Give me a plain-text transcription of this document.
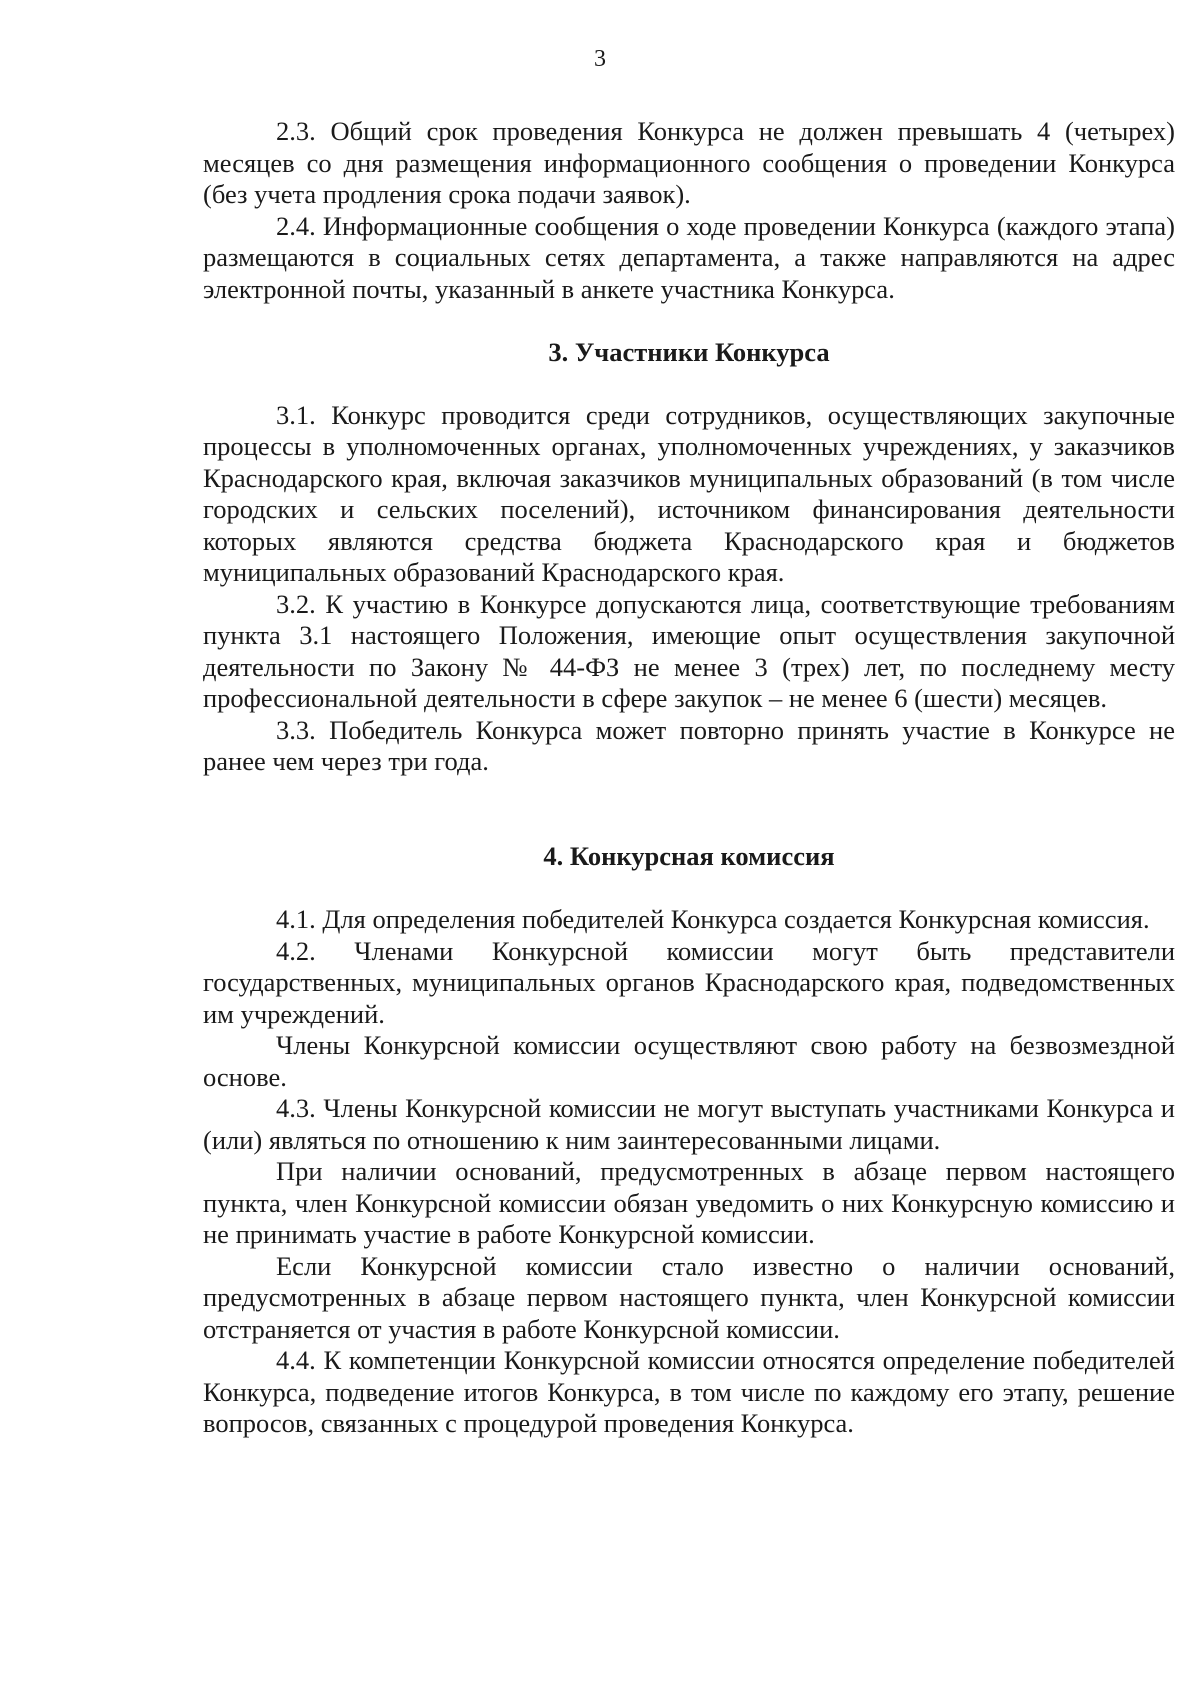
3

2.3. Общий срок проведения Конкурса не должен превышать 4 (четырех) месяцев со дня размещения информационного сообщения о проведении Конкурса (без учета продления срока подачи заявок).

2.4. Информационные сообщения о ходе проведении Конкурса (каждого этапа) размещаются в социальных сетях департамента, а также направляются на адрес электронной почты, указанный в анкете участника Конкурса.

3. Участники Конкурса

3.1. Конкурс проводится среди сотрудников, осуществляющих закупочные процессы в уполномоченных органах, уполномоченных учреждениях, у заказчиков Краснодарского края, включая заказчиков муниципальных образований (в том числе городских и сельских поселений), источником финансирования деятельности которых являются средства бюджета Краснодарского края и бюджетов муниципальных образований Краснодарского края.

3.2. К участию в Конкурсе допускаются лица, соответствующие требованиям пункта 3.1 настоящего Положения, имеющие опыт осуществления закупочной деятельности по Закону № 44-ФЗ не менее 3 (трех) лет, по последнему месту профессиональной деятельности в сфере закупок – не менее 6 (шести) месяцев.

3.3. Победитель Конкурса может повторно принять участие в Конкурсе не ранее чем через три года.

4. Конкурсная комиссия

4.1. Для определения победителей Конкурса создается Конкурсная комиссия.

4.2. Членами Конкурсной комиссии могут быть представители государственных, муниципальных органов Краснодарского края, подведомственных им учреждений.

Члены Конкурсной комиссии осуществляют свою работу на безвозмездной основе.

4.3. Члены Конкурсной комиссии не могут выступать участниками Конкурса и (или) являться по отношению к ним заинтересованными лицами.

При наличии оснований, предусмотренных в абзаце первом настоящего пункта, член Конкурсной комиссии обязан уведомить о них Конкурсную комиссию и не принимать участие в работе Конкурсной комиссии.

Если Конкурсной комиссии стало известно о наличии оснований, предусмотренных в абзаце первом настоящего пункта, член Конкурсной комиссии отстраняется от участия в работе Конкурсной комиссии.

4.4. К компетенции Конкурсной комиссии относятся определение победителей Конкурса, подведение итогов Конкурса, в том числе по каждому его этапу, решение вопросов, связанных с процедурой проведения Конкурса.
